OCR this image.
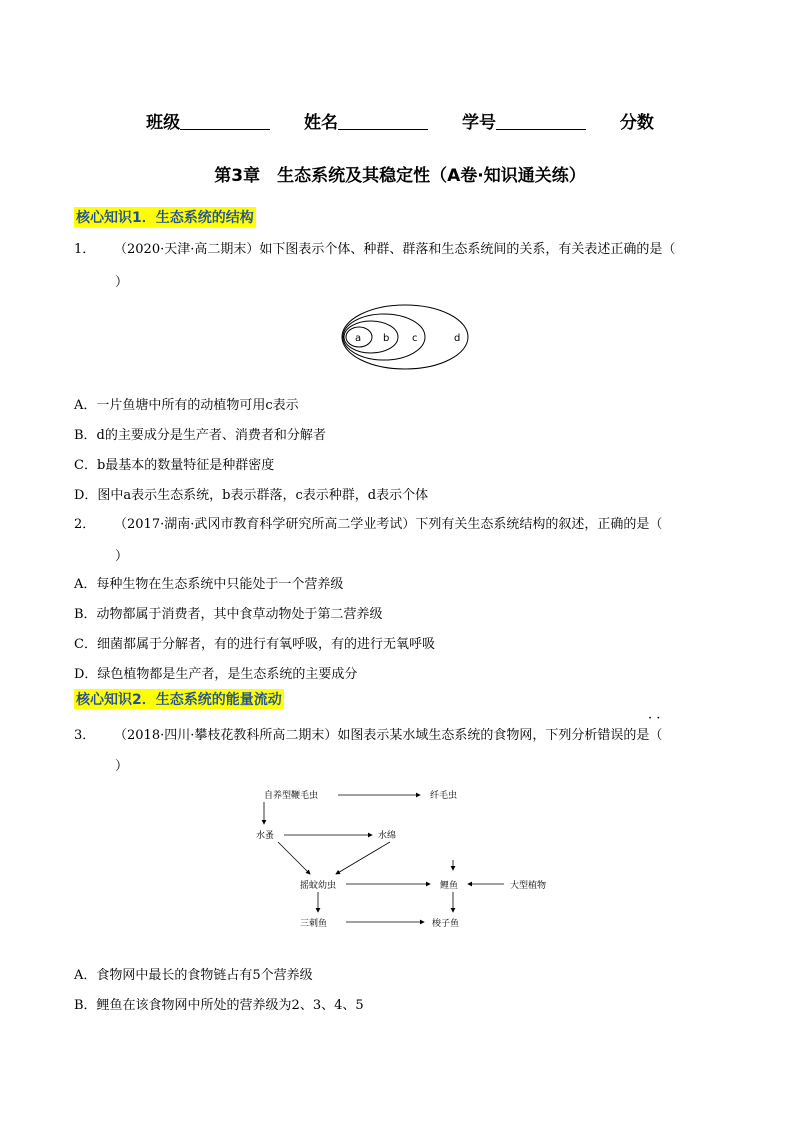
班级	姓名	学号	分数
第3章　生态系统及其稳定性（A卷·知识通关练）
核心知识1．生态系统的结构
1． （2020·天津·高二期末）如下图表示个体、种群、群落和生态系统间的关系，有关表述正确的是（
）
a b c	d
A．一片鱼塘中所有的动植物可用c表示
B．d的主要成分是生产者、消费者和分解者
C．b最基本的数量特征是种群密度
D．图中a表示生态系统，b表示群落，c表示种群，d表示个体
2． （2017·湖南·武冈市教育科学研究所高二学业考试）下列有关生态系统结构的叙述，正确的是（
）
A．每种生物在生态系统中只能处于一个营养级
B．动物都属于消费者，其中食草动物处于第二营养级
C．细菌都属于分解者，有的进行有氧呼吸，有的进行无氧呼吸
D．绿色植物都是生产者，是生态系统的主要成分
核心知识2．生态系统的能量流动
· ·
3． （2018·四川·攀枝花教科所高二期末）如图表示某水域生态系统的食物网，下列分析错误的是（
）
自养型鞭毛虫	纤毛虫
水蚤	水绵
摇蚊幼虫	鲤鱼	大型植物
三刺鱼	梭子鱼
A．食物网中最长的食物链占有5个营养级
B．鲤鱼在该食物网中所处的营养级为2、3、4、5
